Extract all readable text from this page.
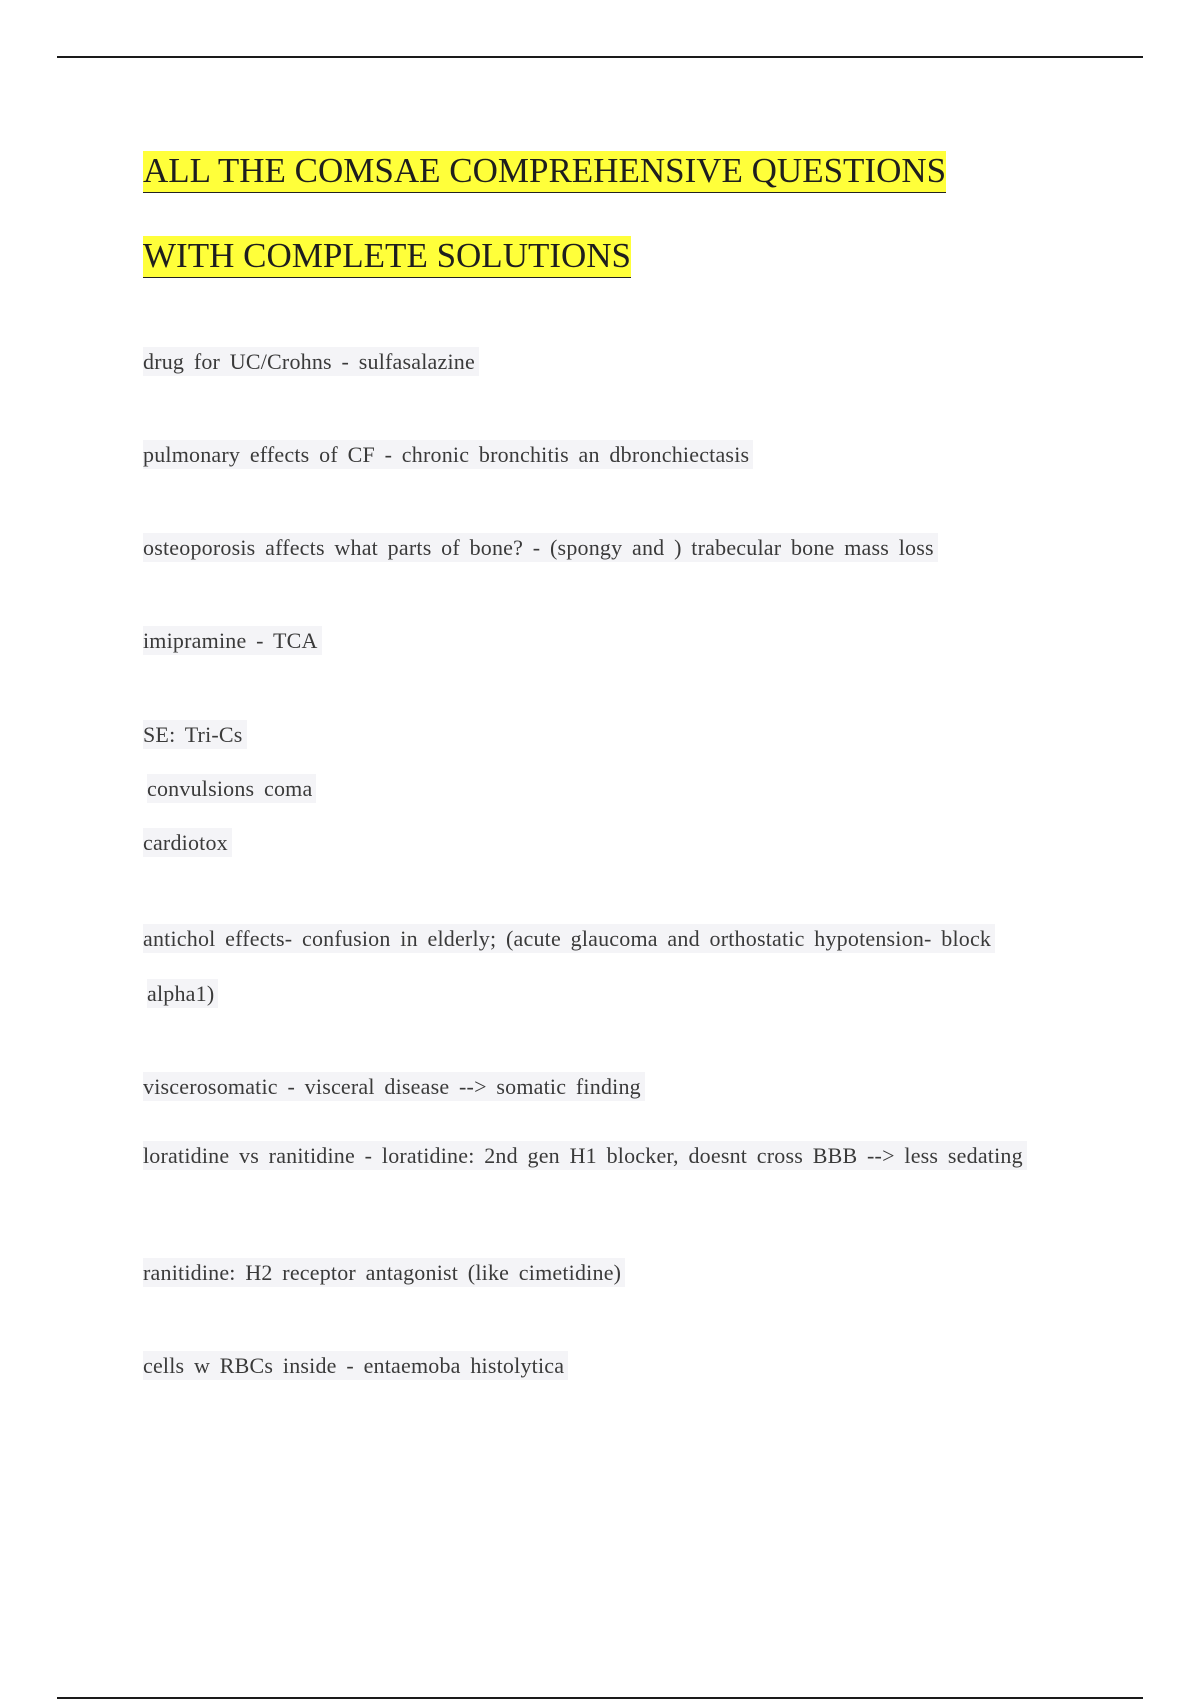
ALL THE COMSAE COMPREHENSIVE QUESTIONS
WITH COMPLETE SOLUTIONS
drug for UC/Crohns - sulfasalazine
pulmonary effects of CF - chronic bronchitis an dbronchiectasis
osteoporosis affects what parts of bone? - (spongy and ) trabecular bone mass loss
imipramine - TCA
SE: Tri-Cs
convulsions coma
cardiotox
antichol effects- confusion in elderly; (acute glaucoma and orthostatic hypotension- block
alpha1)
viscerosomatic - visceral disease --> somatic finding
loratidine vs ranitidine - loratidine: 2nd gen H1 blocker, doesnt cross BBB --> less sedating
ranitidine: H2 receptor antagonist (like cimetidine)
cells w RBCs inside - entaemoba histolytica
